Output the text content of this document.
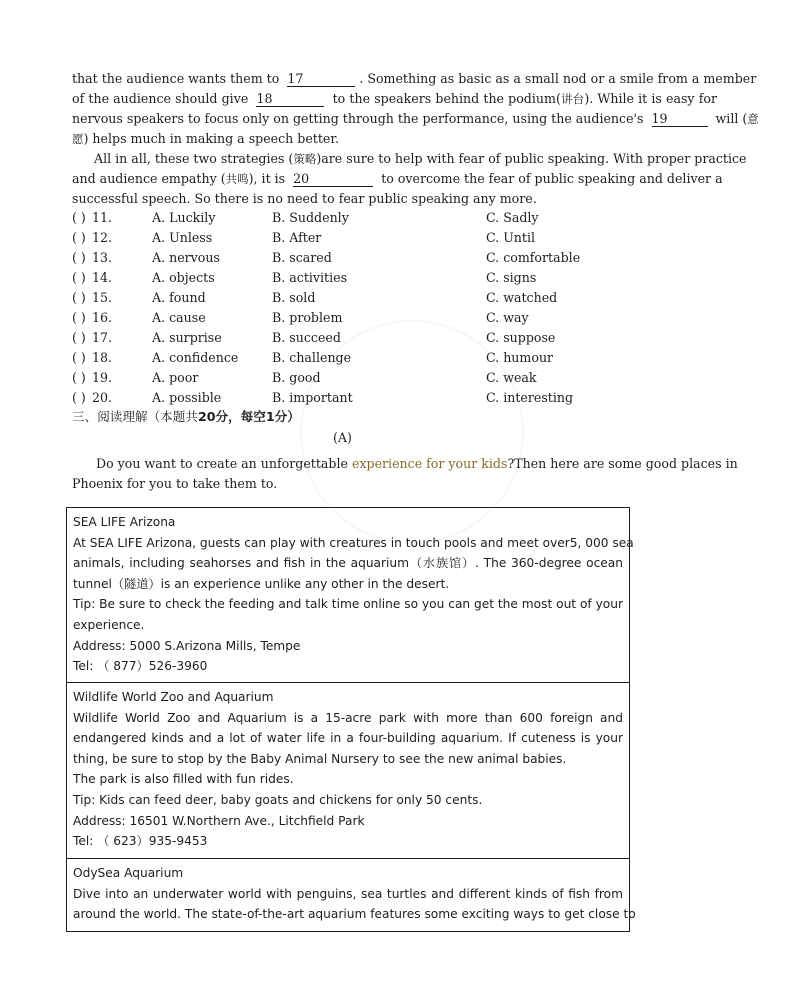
that the audience wants them to 17	. Something as basic as a small nod or a smile from a member
of the audience should give 18	to the speakers behind the podium(讲台). While it is easy for
nervous speakers to focus only on getting through the performance, using the audience's 19	will (意
愿) helps much in making a speech better.
All in all, these two strategies (策略)are sure to help with fear of public speaking. With proper practice
and audience empathy (共鸣), it is 20	to overcome the fear of public speaking and deliver a
successful speech. So there is no need to fear public speaking any more.
( ) 11.	A. Luckily	B. Suddenly	C. Sadly
( ) 12.	A. Unless	B. After	C. Until
( ) 13.	A. nervous	B. scared	C. comfortable
( ) 14.	A. objects	B. activities	C. signs
( ) 15.	A. found	B. sold	C. watched
( ) 16.	A. cause	B. problem	C. way
( ) 17.	A. surprise	B. succeed	C. suppose
( ) 18.	A. confidence	B. challenge	C. humour
( ) 19.	A. poor	B. good	C. weak
( ) 20.	A. possible	B. important	C. interesting
三、阅读理解（本题共20分，每空1分）
(A)
Do you want to create an unforgettable experience for your kids?Then here are some good places in
Phoenix for you to take them to.
SEA LIFE Arizona
At SEA LIFE Arizona, guests can play with creatures in touch pools and meet over5, 000 sea
animals, including seahorses and fish in the aquarium（水族馆）. The 360-degree ocean
tunnel（隧道）is an experience unlike any other in the desert.
Tip: Be sure to check the feeding and talk time online so you can get the most out of your
experience.
Address: 5000 S.Arizona Mills, Tempe
Tel: （ 877）526-3960
Wildlife World Zoo and Aquarium
Wildlife World Zoo and Aquarium is a 15-acre park with more than 600 foreign and
endangered kinds and a lot of water life in a four-building aquarium. If cuteness is your
thing, be sure to stop by the Baby Animal Nursery to see the new animal babies.
The park is also filled with fun rides.
Tip: Kids can feed deer, baby goats and chickens for only 50 cents.
Address: 16501 W.Northern Ave., Litchfield Park
Tel: （ 623）935-9453
OdySea Aquarium
Dive into an underwater world with penguins, sea turtles and different kinds of fish from
around the world. The state-of-the-art aquarium features some exciting ways to get close to
